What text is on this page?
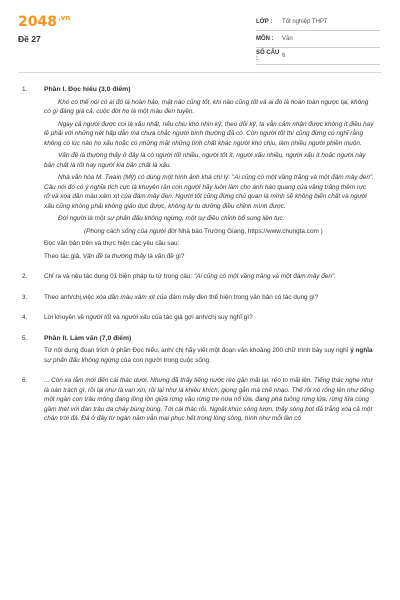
$2048^{.vn}$
Đề 27
LỚP :	Tốt nghiệp THPT
MÔN :	Văn
SỐ CÂU :	6
1.	Phần I. Đọc hiểu (3,0 điểm)

Khó có thể nói có ai đó là hoàn hảo, mặt nào cũng tốt, khi nào cũng tốt và ai đó là hoàn toàn ngược lại, không có gì đáng giá cả, cuộc đời họ là một màu đen tuyền.

Ngay cả người được coi là xấu nhất, nếu chịu khó nhìn kỹ, theo dõi kỹ, ta vẫn cảm nhận được không ít điều hay lẽ phải với những nét hấp dẫn mà chưa chắc người bình thường đã có. Còn người tốt thì cũng đừng có nghĩ rằng không có lúc nào họ xấu hoặc có những mặt những tính chất khác người khó chịu, làm nhiều người phiền muộn.

Vấn đề là thường thấy ở đây là có người tốt nhiều, người tốt ít, người xấu nhiều, người xấu ít hoặc người này bản chất là tốt hay người kia bản chất là xấu.

Nhà văn hóa M. Twain (Mỹ) có dùng một hình ảnh khá chí lý: "Ai cũng có một vầng trăng và một đám mây đen". Câu nói đó có ý nghĩa tích cực là khuyên răn con người hãy luôn làm cho ánh hào quang của vầng trăng thêm rực rỡ và xóa dần màu xám xịt của đám mây đen. Người tốt cũng đừng chủ quan là mình sẽ không biến chất và người xấu cũng không phải không giáo dục được, không tự tu dưỡng điều chỉnh mình được.

Đời người là một sự phấn đấu không ngừng, một sự điều chỉnh bổ sung liên tục.

(Phong cách sống của người đời Nhà báo Trường Giang, https://www.chungta.com )

Đọc văn bản trên và thực hiện các yêu cầu sau:

Theo tác giả, Vấn đề ta thường thấy là vấn đề gì?

2.	Chỉ ra và nêu tác dụng 01 biện pháp tu từ trong câu: "Ai cũng có một vầng trăng và một đám mây đen".

3.	Theo anh/chị,việc xóa dần màu xám xịt của đám mây đen thể hiện trong văn bản có tác dụng gì?

4.	Lời khuyên về người tốt và người xấu của tác giả gợi anh/chị suy nghĩ gì?

5.	Phần II. Làm văn (7,0 điểm)

Từ nội dung đoạn trích ở phần Đọc hiểu, anh/ chị hãy viết một đoạn văn khoảng 200 chữ trình bày suy nghĩ ý nghĩa sự phấn đấu không ngừng của con người trong cuộc sống.

6.	... Còn xa lắm mới đến cái thác dưới. Nhưng đã thấy tiếng nước réo gần mãi lại, réo to mãi lên. Tiếng thác nghe như là oán trách gì, rồi lại như là van xin, rồi lại như là khiêu khích, giọng gằn mà chế nhạo. Thế rồi nó rống lên như tiếng một ngàn con trâu mộng đang lồng lộn giữa rừng vầu rừng tre nứa nổ lửa, đang phá tuông rừng lửa, rừng lửa cùng gầm thét với đàn trâu da cháy bùng bùng. Tới cái thác rồi. Ngoặt khúc sông lượn, thấy sóng bọt đã trắng xóa cả một chân trời đá. Đá ở đây từ ngàn năm vẫn mai phục hết trong lòng sông, hình như mỗi lần có
